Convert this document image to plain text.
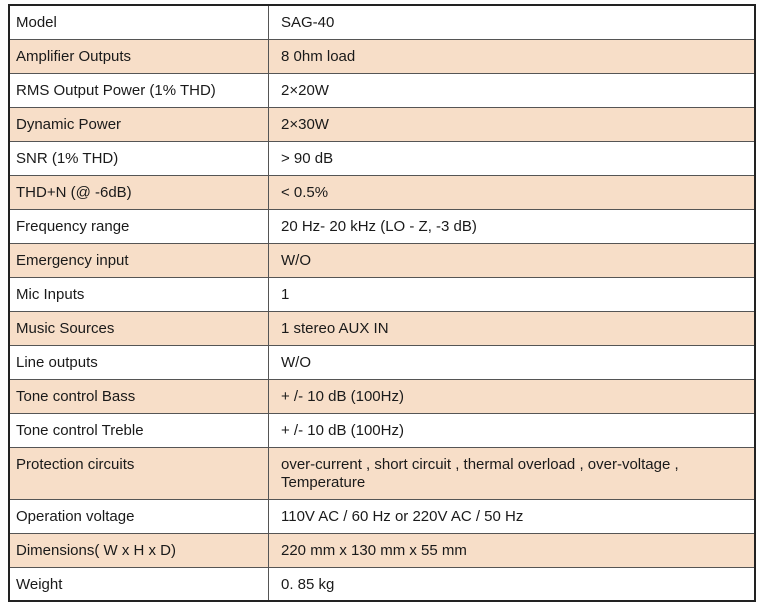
Model	SAG-40
Amplifier Outputs	8 0hm load
RMS Output Power (1% THD)	2×20W
Dynamic Power	2×30W
SNR (1% THD)	> 90 dB
THD+N (@ -6dB)	< 0.5%
Frequency range	20 Hz- 20 kHz (LO - Z, -3 dB)
Emergency input	W/O
Mic Inputs	1
Music Sources	1 stereo AUX IN
Line outputs	W/O
Tone control Bass	+ /- 10 dB (100Hz)
Tone control Treble	+ /- 10 dB (100Hz)
Protection circuits	over-current , short circuit , thermal overload , over-voltage , Temperature
Operation voltage	110V AC / 60 Hz or 220V AC / 50 Hz
Dimensions( W x H x D)	220 mm x 130 mm x 55 mm
Weight	0. 85 kg
